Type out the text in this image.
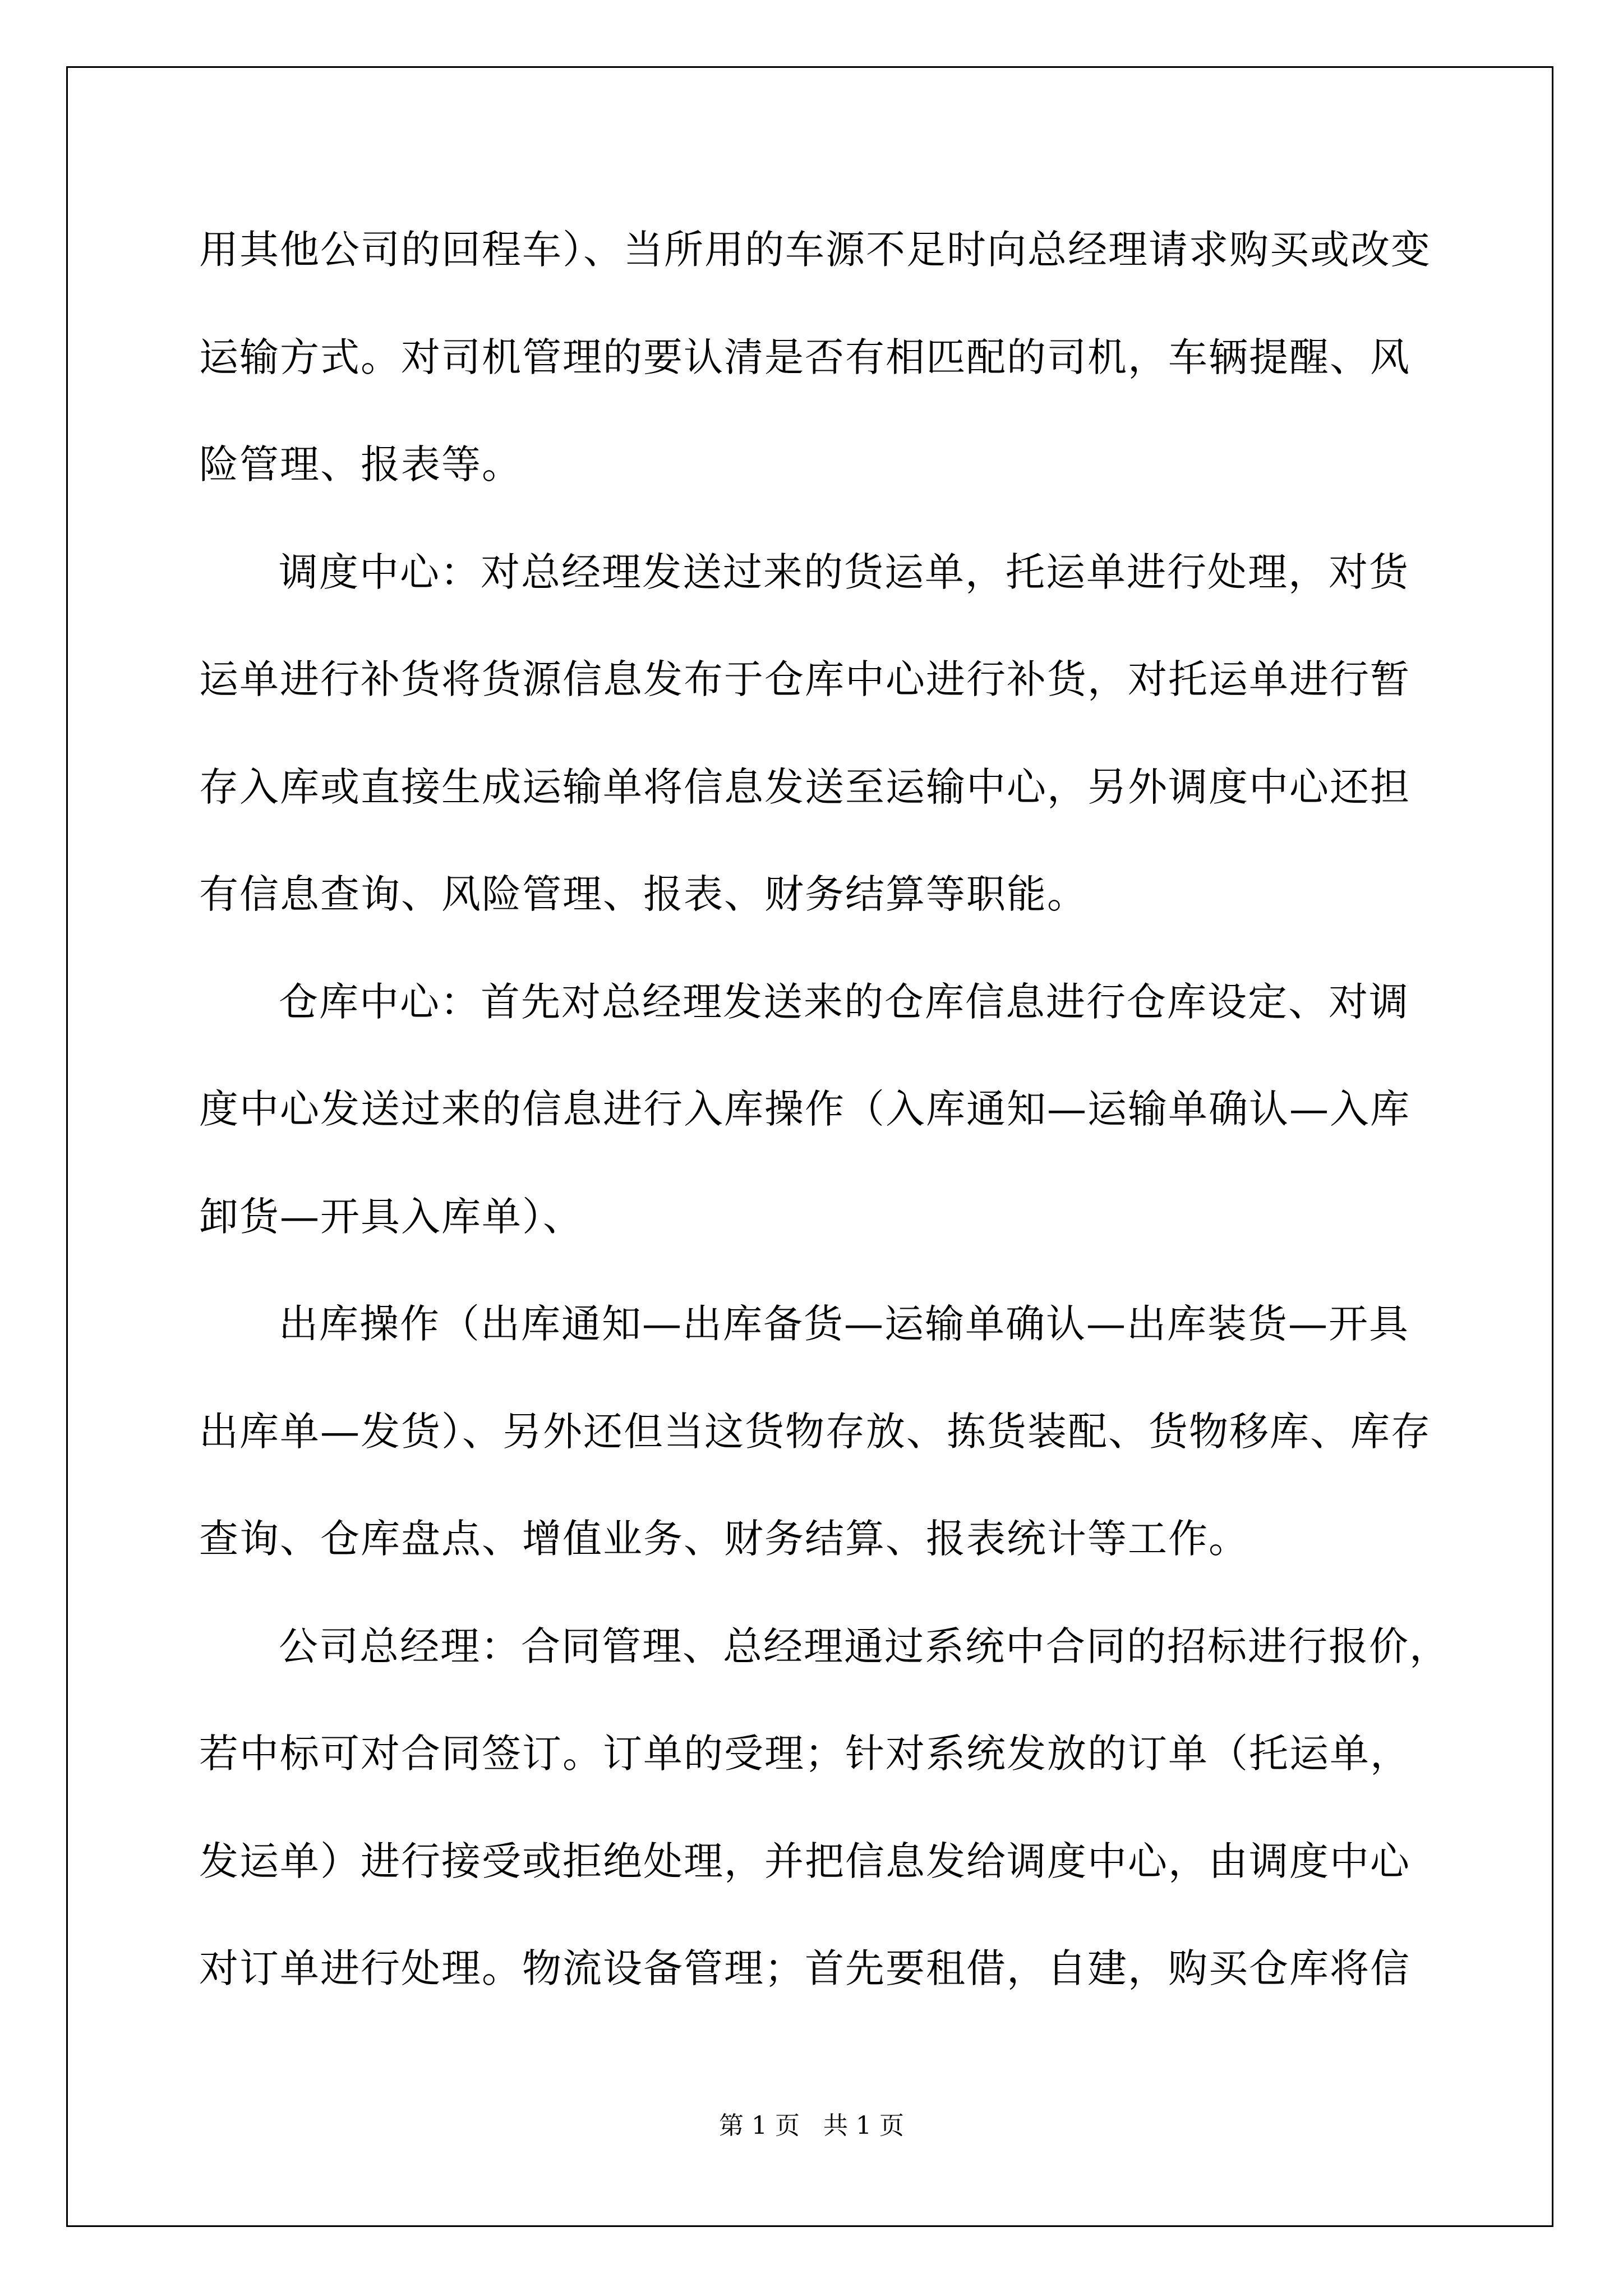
用其他公司的回程车）、当所用的车源不足时向总经理请求购买或改变
运输方式。对司机管理的要认清是否有相匹配的司机，车辆提醒、风
险管理、报表等。
调度中心：对总经理发送过来的货运单，托运单进行处理，对货
运单进行补货将货源信息发布于仓库中心进行补货，对托运单进行暂
存入库或直接生成运输单将信息发送至运输中心，另外调度中心还担
有信息查询、风险管理、报表、财务结算等职能。
仓库中心：首先对总经理发送来的仓库信息进行仓库设定、对调
度中心发送过来的信息进行入库操作（入库通知—运输单确认—入库
卸货—开具入库单）、
出库操作（出库通知—出库备货—运输单确认—出库装货—开具
出库单—发货）、另外还但当这货物存放、拣货装配、货物移库、库存
查询、仓库盘点、增值业务、财务结算、报表统计等工作。
公司总经理：合同管理、总经理通过系统中合同的招标进行报价，
若中标可对合同签订。订单的受理；针对系统发放的订单（托运单，
发运单）进行接受或拒绝处理，并把信息发给调度中心，由调度中心
对订单进行处理。物流设备管理；首先要租借，自建，购买仓库将信
第 1 页   共 1 页
